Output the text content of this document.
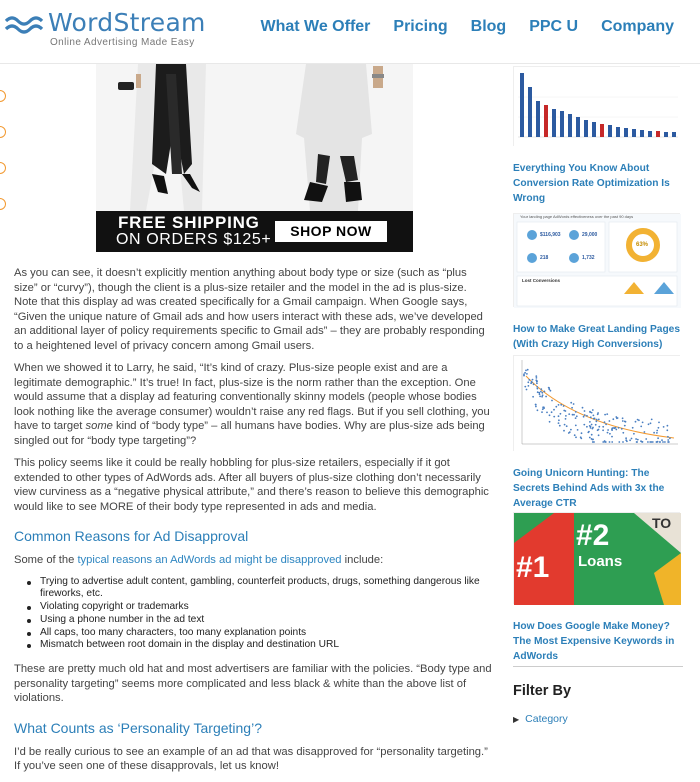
WordStream
Online Advertising Made Easy
What We Offer Pricing Blog PPC U Company
FREE SHIPPING
ON ORDERS $125+	SHOP NOW

As you can see, it doesn’t explicitly mention anything about body type or size (such as “plus size” or “curvy”), though the client is a plus-size retailer and the model in the ad is plus-size. Note that this display ad was created specifically for a Gmail campaign. When Google says, “Given the unique nature of Gmail ads and how users interact with these ads, we’ve developed an additional layer of policy requirements specific to Gmail ads” – they are probably responding to a heightened level of privacy concern among Gmail users.

When we showed it to Larry, he said, “It’s kind of crazy. Plus-size people exist and are a legitimate demographic.” It’s true! In fact, plus-size is the norm rather than the exception. One would assume that a display ad featuring conventionally skinny models (people whose bodies look nothing like the average consumer) wouldn’t raise any red flags. But if you sell clothing, you have to target some kind of “body type” – all humans have bodies. Why are plus-size ads being singled out for “body type targeting”?

This policy seems like it could be really hobbling for plus-size retailers, especially if it got extended to other types of AdWords ads. After all buyers of plus-size clothing don’t necessarily view curviness as a “negative physical attribute,” and there’s reason to believe this demographic would like to see MORE of their body type represented in ads and media.

Common Reasons for Ad Disapproval

Some of the typical reasons an AdWords ad might be disapproved include:

Trying to advertise adult content, gambling, counterfeit products, drugs, something dangerous like fireworks, etc.
Violating copyright or trademarks
Using a phone number in the ad text
All caps, too many characters, too many explanation points
Mismatch between root domain in the display and destination URL

These are pretty much old hat and most advertisers are familiar with the policies. “Body type and personality targeting” seems more complicated and less black & white than the above list of violations.

What Counts as ‘Personality Targeting’?

I’d be really curious to see an example of an ad that was disapproved for “personality targeting.” If you’ve seen one of these disapprovals, let us know!

Everything You Know About Conversion Rate Optimization Is Wrong
Your landing page AdWords effectiveness over the past 90 days
$116,903	29,000
218	1,732
63%
Lost Conversions
How to Make Great Landing Pages (With Crazy High Conversions)
Going Unicorn Hunting: The Secrets Behind Ads with 3x the Average CTR
#1
#2
Loans
TO
How Does Google Make Money? The Most Expensive Keywords in AdWords
Filter By
▶ Category
